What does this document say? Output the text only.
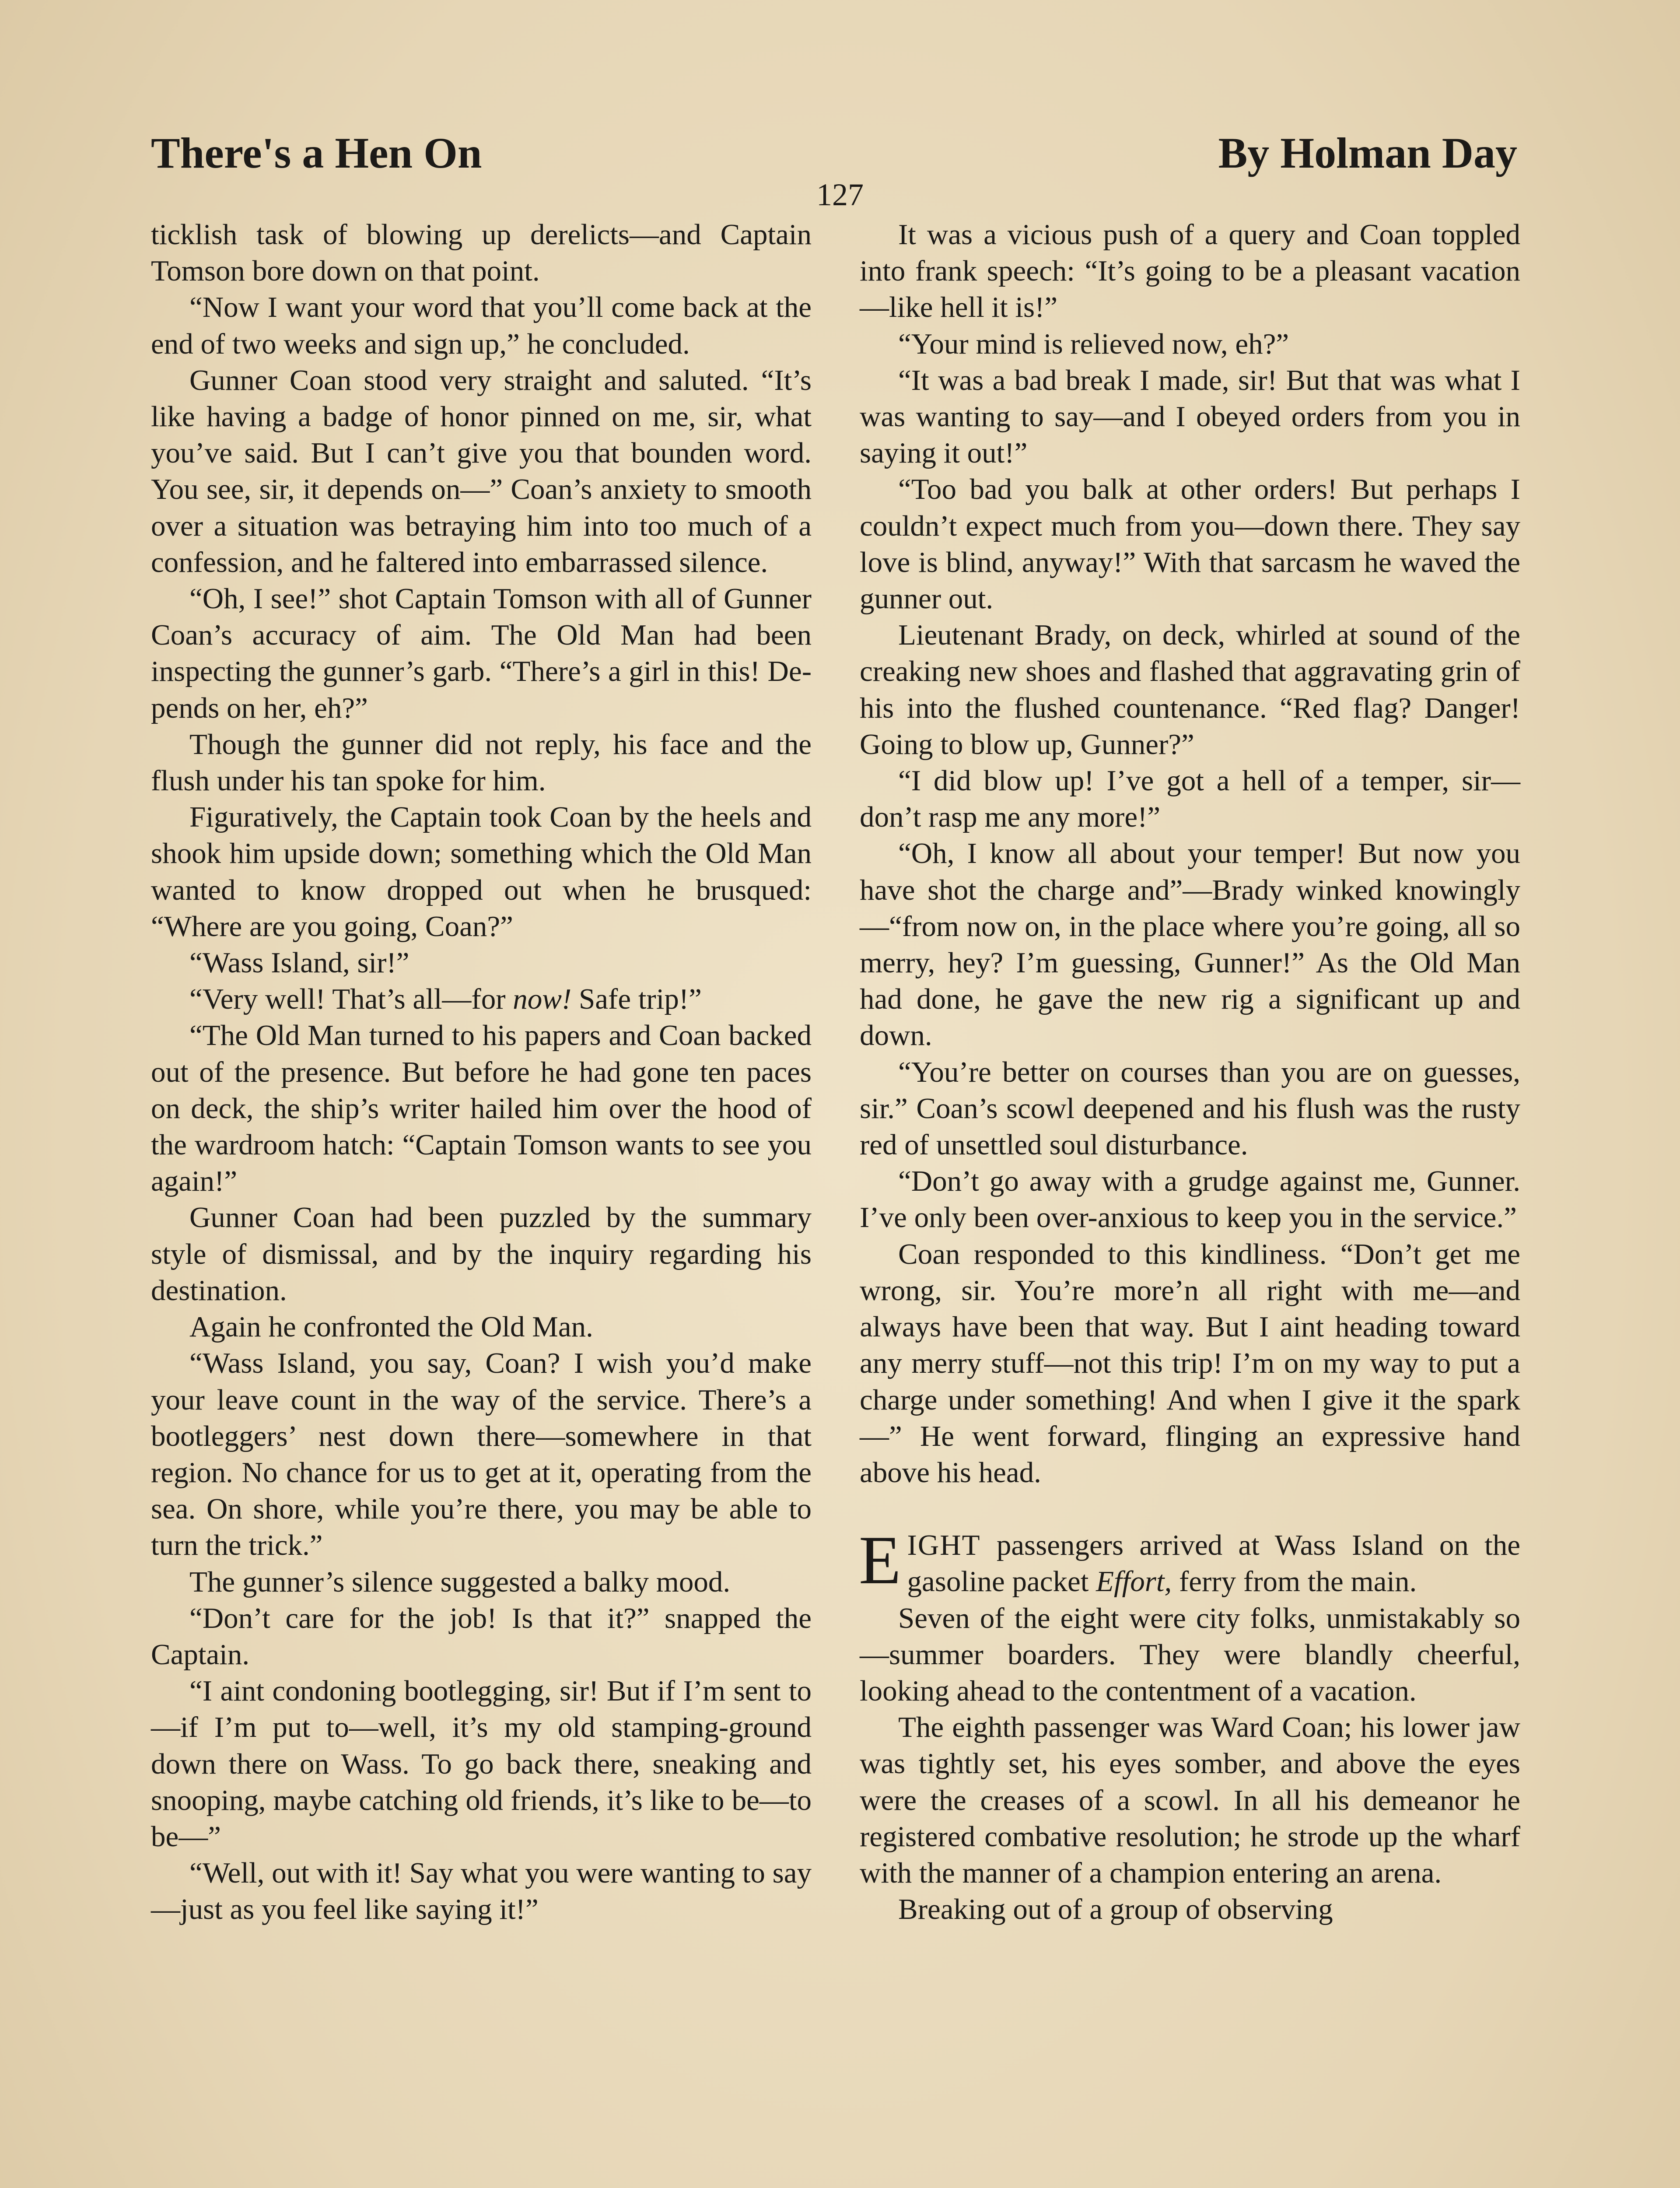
There's a Hen On	By Holman Day
127

ticklish task of blowing up derelicts—and Captain Tomson bore down on that point.

“Now I want your word that you’ll come back at the end of two weeks and sign up,” he concluded.

Gunner Coan stood very straight and saluted. “It’s like having a badge of honor pinned on me, sir, what you’ve said. But I can’t give you that bounden word. You see, sir, it depends on—” Coan’s anxiety to smooth over a situation was betraying him into too much of a confession, and he faltered into embarrassed silence.

“Oh, I see!” shot Captain Tomson with all of Gunner Coan’s accuracy of aim. The Old Man had been inspecting the gunner’s garb. “There’s a girl in this! Depends on her, eh?”

Though the gunner did not reply, his face and the flush under his tan spoke for him.

Figuratively, the Captain took Coan by the heels and shook him upside down; something which the Old Man wanted to know dropped out when he brusqued: “Where are you going, Coan?”

“Wass Island, sir!”

“Very well! That’s all—for now! Safe trip!”

“The Old Man turned to his papers and Coan backed out of the presence. But before he had gone ten paces on deck, the ship’s writer hailed him over the hood of the wardroom hatch: “Captain Tomson wants to see you again!”

Gunner Coan had been puzzled by the summary style of dismissal, and by the inquiry regarding his destination.

Again he confronted the Old Man.

“Wass Island, you say, Coan? I wish you’d make your leave count in the way of the service. There’s a bootleggers’ nest down there—somewhere in that region. No chance for us to get at it, operating from the sea. On shore, while you’re there, you may be able to turn the trick.”

The gunner’s silence suggested a balky mood.

“Don’t care for the job! Is that it?” snapped the Captain.

“I aint condoning bootlegging, sir! But if I’m sent to—if I’m put to—well, it’s my old stamping-ground down there on Wass. To go back there, sneaking and snooping, maybe catching old friends, it’s like to be—to be—”

“Well, out with it! Say what you were wanting to say—just as you feel like saying it!”

It was a vicious push of a query and Coan toppled into frank speech: “It’s going to be a pleasant vacation—like hell it is!”

“Your mind is relieved now, eh?”

“It was a bad break I made, sir! But that was what I was wanting to say—and I obeyed orders from you in saying it out!”

“Too bad you balk at other orders! But perhaps I couldn’t expect much from you—down there. They say love is blind, anyway!” With that sarcasm he waved the gunner out.

Lieutenant Brady, on deck, whirled at sound of the creaking new shoes and flashed that aggravating grin of his into the flushed countenance. “Red flag? Danger! Going to blow up, Gunner?”

“I did blow up! I’ve got a hell of a temper, sir—don’t rasp me any more!”

“Oh, I know all about your temper! But now you have shot the charge and”—Brady winked knowingly—“from now on, in the place where you’re going, all so merry, hey? I’m guessing, Gunner!” As the Old Man had done, he gave the new rig a significant up and down.

“You’re better on courses than you are on guesses, sir.” Coan’s scowl deepened and his flush was the rusty red of unsettled soul disturbance.

“Don’t go away with a grudge against me, Gunner. I’ve only been over-anxious to keep you in the service.”

Coan responded to this kindliness. “Don’t get me wrong, sir. You’re more’n all right with me—and always have been that way. But I aint heading toward any merry stuff—not this trip! I’m on my way to put a charge under something! And when I give it the spark—” He went forward, flinging an expressive hand above his head.

EIGHT passengers arrived at Wass Island on the gasoline packet Effort, ferry from the main.

Seven of the eight were city folks, unmistakably so—summer boarders. They were blandly cheerful, looking ahead to the contentment of a vacation.

The eighth passenger was Ward Coan; his lower jaw was tightly set, his eyes somber, and above the eyes were the creases of a scowl. In all his demeanor he registered combative resolution; he strode up the wharf with the manner of a champion entering an arena.

Breaking out of a group of observing
